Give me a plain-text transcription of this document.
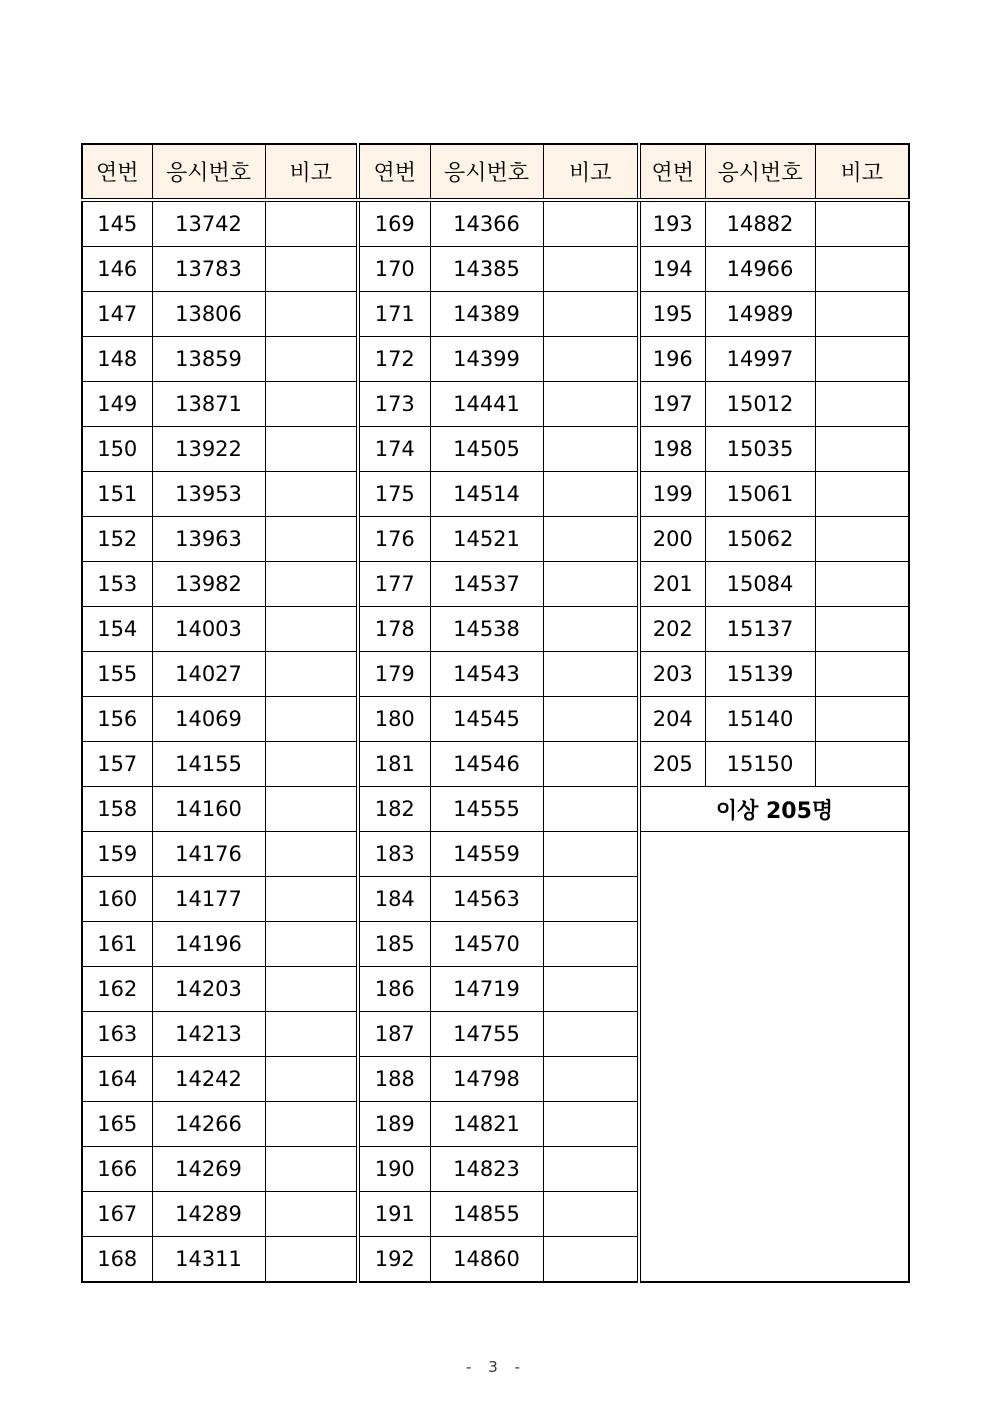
연번	응시번호	비고	연번	응시번호	비고	연번	응시번호	비고
145	13742		169	14366		193	14882	
146	13783		170	14385		194	14966	
147	13806		171	14389		195	14989	
148	13859		172	14399		196	14997	
149	13871		173	14441		197	15012	
150	13922		174	14505		198	15035	
151	13953		175	14514		199	15061	
152	13963		176	14521		200	15062	
153	13982		177	14537		201	15084	
154	14003		178	14538		202	15137	
155	14027		179	14543		203	15139	
156	14069		180	14545		204	15140	
157	14155		181	14546		205	15150	
158	14160		182	14555		이상 205명		
159	14176		183	14559				
160	14177		184	14563				
161	14196		185	14570				
162	14203		186	14719				
163	14213		187	14755				
164	14242		188	14798				
165	14266		189	14821				
166	14269		190	14823				
167	14289		191	14855				
168	14311		192	14860				
- 3 -
